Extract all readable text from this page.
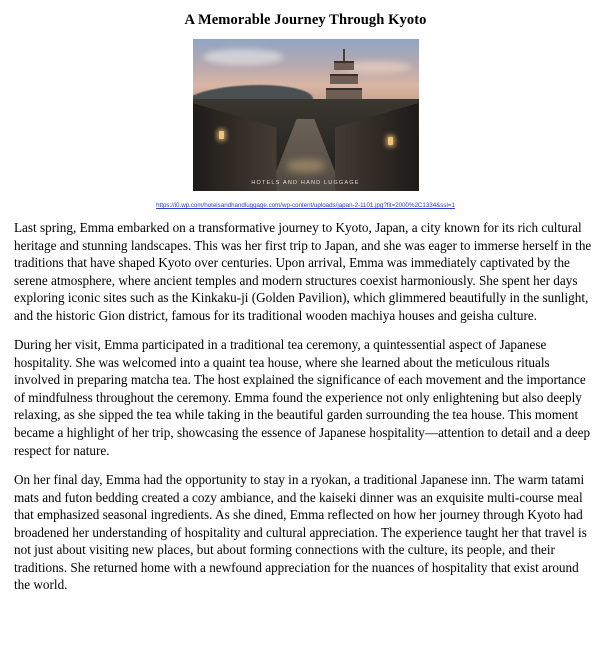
A Memorable Journey Through Kyoto
HOTELS AND HAND LUGGAGE
https://i0.wp.com/hotelsandhandluggage.com/wp-content/uploads/japan-2-1101.jpg?fit=2000%2C1334&ssl=1

Last spring, Emma embarked on a transformative journey to Kyoto, Japan, a city known for its rich cultural heritage and stunning landscapes. This was her first trip to Japan, and she was eager to immerse herself in the traditions that have shaped Kyoto over centuries. Upon arrival, Emma was immediately captivated by the serene atmosphere, where ancient temples and modern structures coexist harmoniously. She spent her days exploring iconic sites such as the Kinkaku-ji (Golden Pavilion), which glimmered beautifully in the sunlight, and the historic Gion district, famous for its traditional wooden machiya houses and geisha culture.

During her visit, Emma participated in a traditional tea ceremony, a quintessential aspect of Japanese hospitality. She was welcomed into a quaint tea house, where she learned about the meticulous rituals involved in preparing matcha tea. The host explained the significance of each movement and the importance of mindfulness throughout the ceremony. Emma found the experience not only enlightening but also deeply relaxing, as she sipped the tea while taking in the beautiful garden surrounding the tea house. This moment became a highlight of her trip, showcasing the essence of Japanese hospitality—attention to detail and a deep respect for nature.

On her final day, Emma had the opportunity to stay in a ryokan, a traditional Japanese inn. The warm tatami mats and futon bedding created a cozy ambiance, and the kaiseki dinner was an exquisite multi-course meal that emphasized seasonal ingredients. As she dined, Emma reflected on how her journey through Kyoto had broadened her understanding of hospitality and cultural appreciation. The experience taught her that travel is not just about visiting new places, but about forming connections with the culture, its people, and their traditions. She returned home with a newfound appreciation for the nuances of hospitality that exist around the world.
